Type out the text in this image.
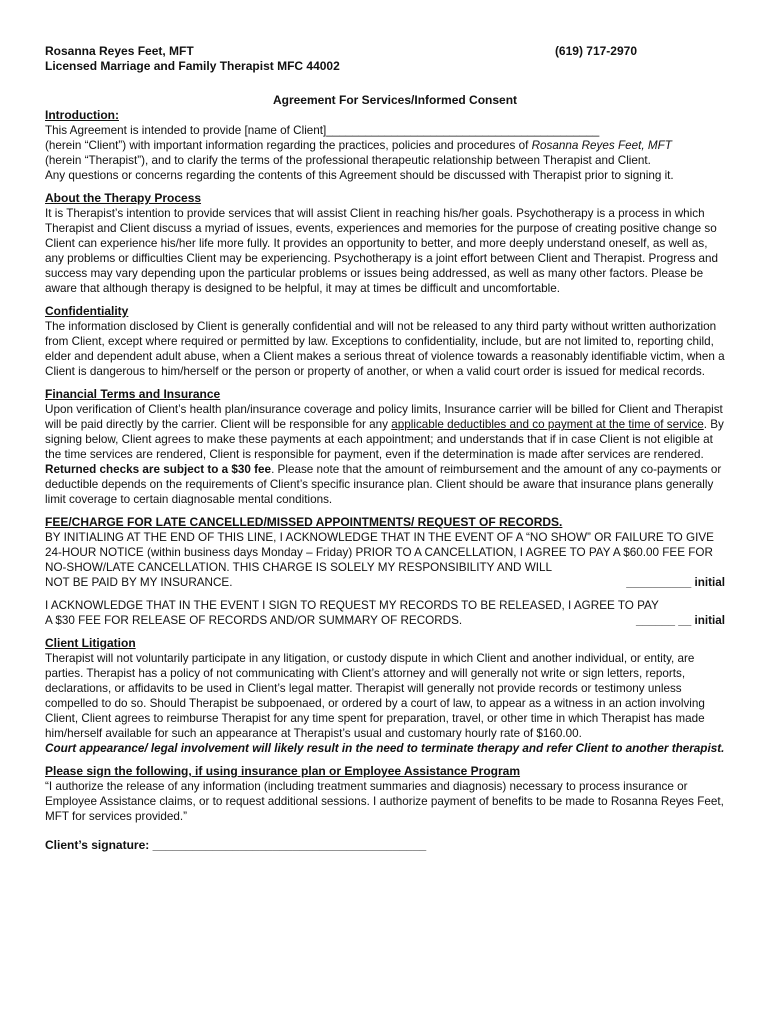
Rosanna Reyes Feet, MFT	(619) 717-2970
Licensed Marriage and Family Therapist MFC 44002
Agreement For Services/Informed Consent
Introduction:

This Agreement is intended to provide [name of Client]__________________________________________

(herein “Client”) with important information regarding the practices, policies and procedures of Rosanna Reyes Feet, MFT

(herein “Therapist”), and to clarify the terms of the professional therapeutic relationship between Therapist and Client.

Any questions or concerns regarding the contents of this Agreement should be discussed with Therapist prior to signing it.

About the Therapy Process

It is Therapist’s intention to provide services that will assist Client in reaching his/her goals. Psychotherapy is a process in which Therapist and Client discuss a myriad of issues, events, experiences and memories for the purpose of creating positive change so Client can experience his/her life more fully. It provides an opportunity to better, and more deeply understand oneself, as well as, any problems or difficulties Client may be experiencing. Psychotherapy is a joint effort between Client and Therapist. Progress and success may vary depending upon the particular problems or issues being addressed, as well as many other factors. Please be aware that although therapy is designed to be helpful, it may at times be difficult and uncomfortable.

Confidentiality

The information disclosed by Client is generally confidential and will not be released to any third party without written authorization from Client, except where required or permitted by law. Exceptions to confidentiality, include, but are not limited to, reporting child, elder and dependent adult abuse, when a Client makes a serious threat of violence towards a reasonably identifiable victim, when a Client is dangerous to him/herself or the person or property of another, or when a valid court order is issued for medical records.

Financial Terms and Insurance

Upon verification of Client’s health plan/insurance coverage and policy limits, Insurance carrier will be billed for Client and Therapist will be paid directly by the carrier. Client will be responsible for any applicable deductibles and co payment at the time of service. By signing below, Client agrees to make these payments at each appointment; and understands that if in case Client is not eligible at the time services are rendered, Client is responsible for payment, even if the determination is made after services are rendered. Returned checks are subject to a $30 fee. Please note that the amount of reimbursement and the amount of any co-payments or deductible depends on the requirements of Client’s specific insurance plan. Client should be aware that insurance plans generally limit coverage to certain diagnosable mental conditions.

FEE/CHARGE FOR LATE CANCELLED/MISSED APPOINTMENTS/ REQUEST OF RECORDS.

BY INITIALING AT THE END OF THIS LINE, I ACKNOWLEDGE THAT IN THE EVENT OF A “NO SHOW” OR FAILURE TO GIVE 24-HOUR NOTICE (within business days Monday – Friday) PRIOR TO A CANCELLATION, I AGREE TO PAY A $60.00 FEE FOR NO-SHOW/LATE CANCELLATION. THIS CHARGE IS SOLELY MY RESPONSIBILITY AND WILL

NOT BE PAID BY MY INSURANCE.	__________ initial

I ACKNOWLEDGE THAT IN THE EVENT I SIGN TO REQUEST MY RECORDS TO BE RELEASED, I AGREE TO PAY

A $30 FEE FOR RELEASE OF RECORDS AND/OR SUMMARY OF RECORDS.	______ __ initial
Client Litigation

Therapist will not voluntarily participate in any litigation, or custody dispute in which Client and another individual, or entity, are parties. Therapist has a policy of not communicating with Client’s attorney and will generally not write or sign letters, reports, declarations, or affidavits to be used in Client’s legal matter. Therapist will generally not provide records or testimony unless compelled to do so. Should Therapist be subpoenaed, or ordered by a court of law, to appear as a witness in an action involving Client, Client agrees to reimburse Therapist for any time spent for preparation, travel, or other time in which Therapist has made him/herself available for such an appearance at Therapist’s usual and customary hourly rate of $160.00.

Court appearance/ legal involvement will likely result in the need to terminate therapy and refer Client to another therapist.

Please sign the following, if using insurance plan or Employee Assistance Program

“I authorize the release of any information (including treatment summaries and diagnosis) necessary to process insurance or Employee Assistance claims, or to request additional sessions. I authorize payment of benefits to be made to Rosanna Reyes Feet, MFT for services provided.”

Client’s signature: _________________________________________
